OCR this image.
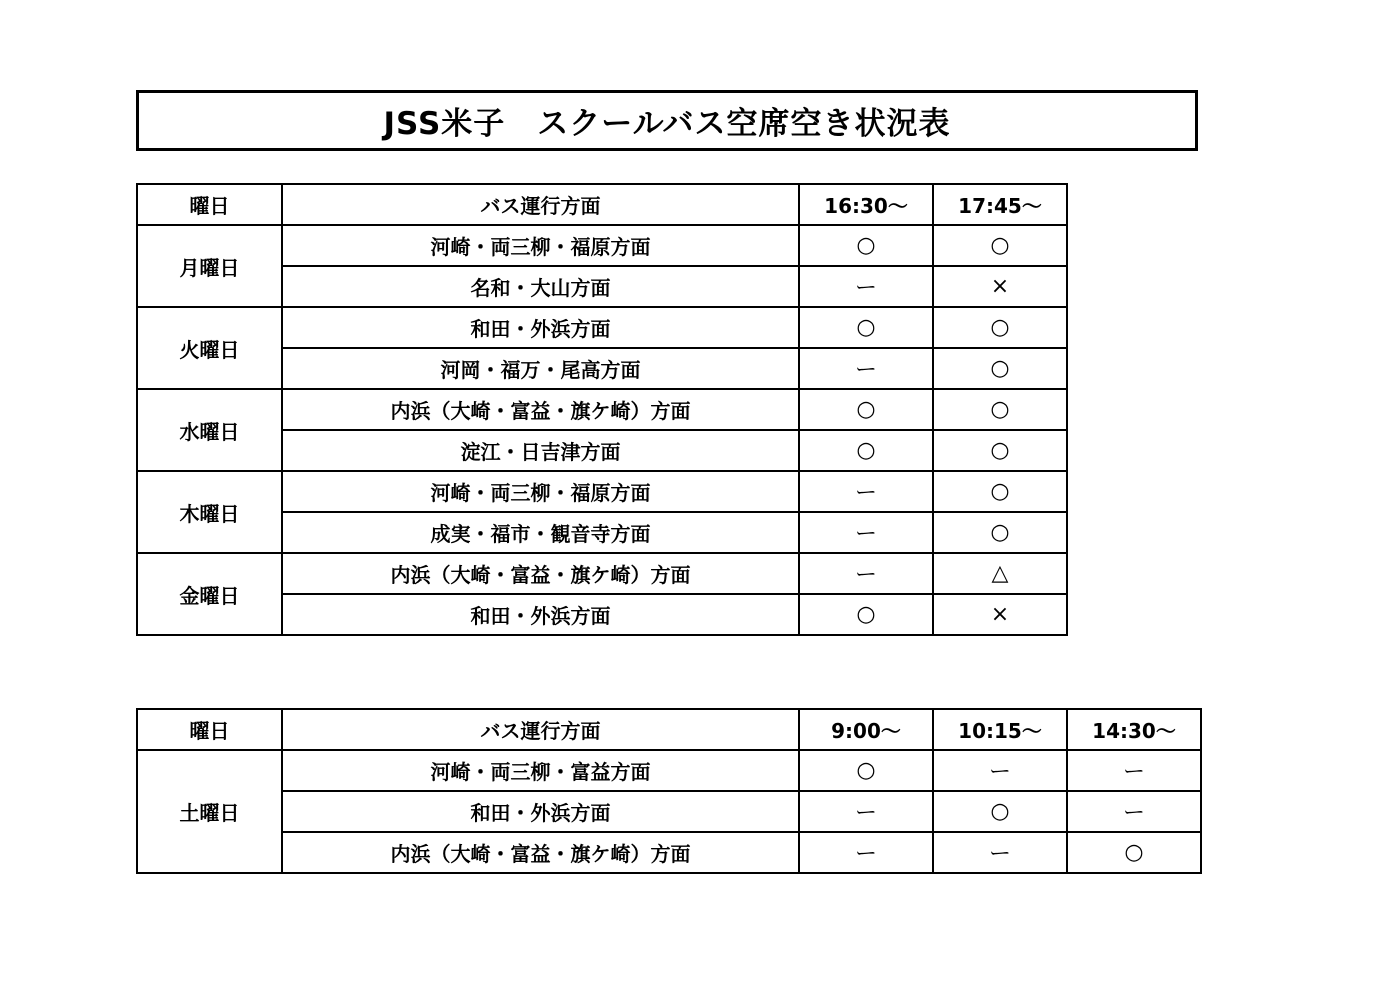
JSS米子　スクールバス空席空き状況表
曜日	バス運行方面	16:30～	17:45～
月曜日	河崎・両三柳・福原方面	○	○
	名和・大山方面	ー	×
火曜日	和田・外浜方面	○	○
	河岡・福万・尾高方面	ー	○
水曜日	内浜（大崎・富益・旗ケ崎）方面	○	○
	淀江・日吉津方面	○	○
木曜日	河崎・両三柳・福原方面	ー	○
	成実・福市・観音寺方面	ー	○
金曜日	内浜（大崎・富益・旗ケ崎）方面	ー	△
	和田・外浜方面	○	×
曜日	バス運行方面	9:00～	10:15～	14:30～
土曜日	河崎・両三柳・富益方面	○	ー	ー
	和田・外浜方面	ー	○	ー
	内浜（大崎・富益・旗ケ崎）方面	ー	ー	○
